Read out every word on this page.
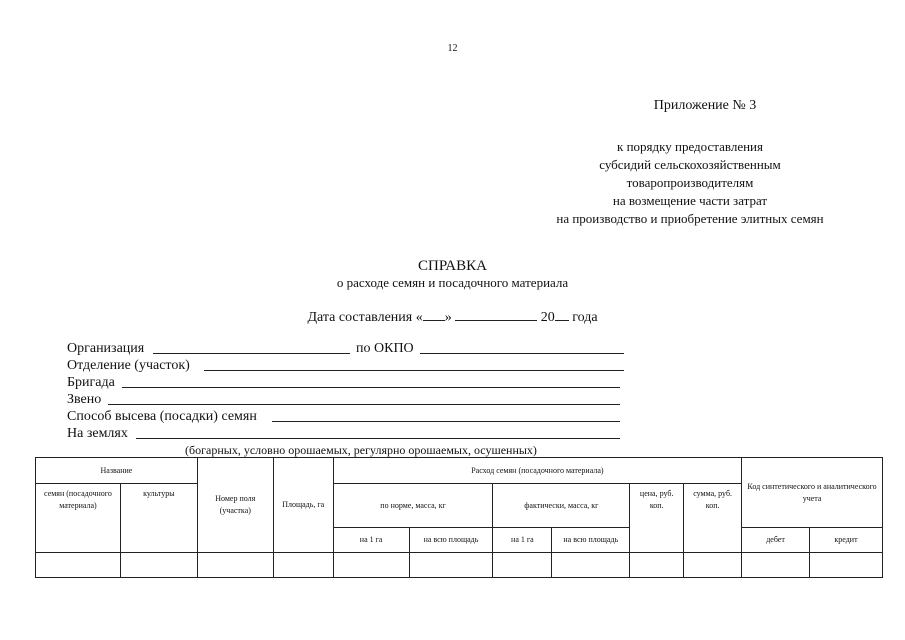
12
Приложение № 3
к порядку предоставления
субсидий сельскохозяйственным
товаропроизводителям
на возмещение части затрат
на производство и приобретение элитных семян
СПРАВКА
о расходе семян и посадочного материала
Дата составления « »	20 года
Организация	по ОКПО
Отделение (участок)
Бригада
Звено
Способ высева (посадки) семян
На землях
(богарных, условно орошаемых, регулярно орошаемых, осушенных)
Название		Номер поля (участка)	Площадь, га	Расход семян (посадочного материала)						Код синтетического и аналитического учета	
семян (посадочного материала)	культуры			по норме, масса, кг		фактически, масса, кг		цена, руб. коп.	сумма, руб. коп.		
				на 1 га	на всю площадь	на 1 га	на всю площадь			дебет	кредит
